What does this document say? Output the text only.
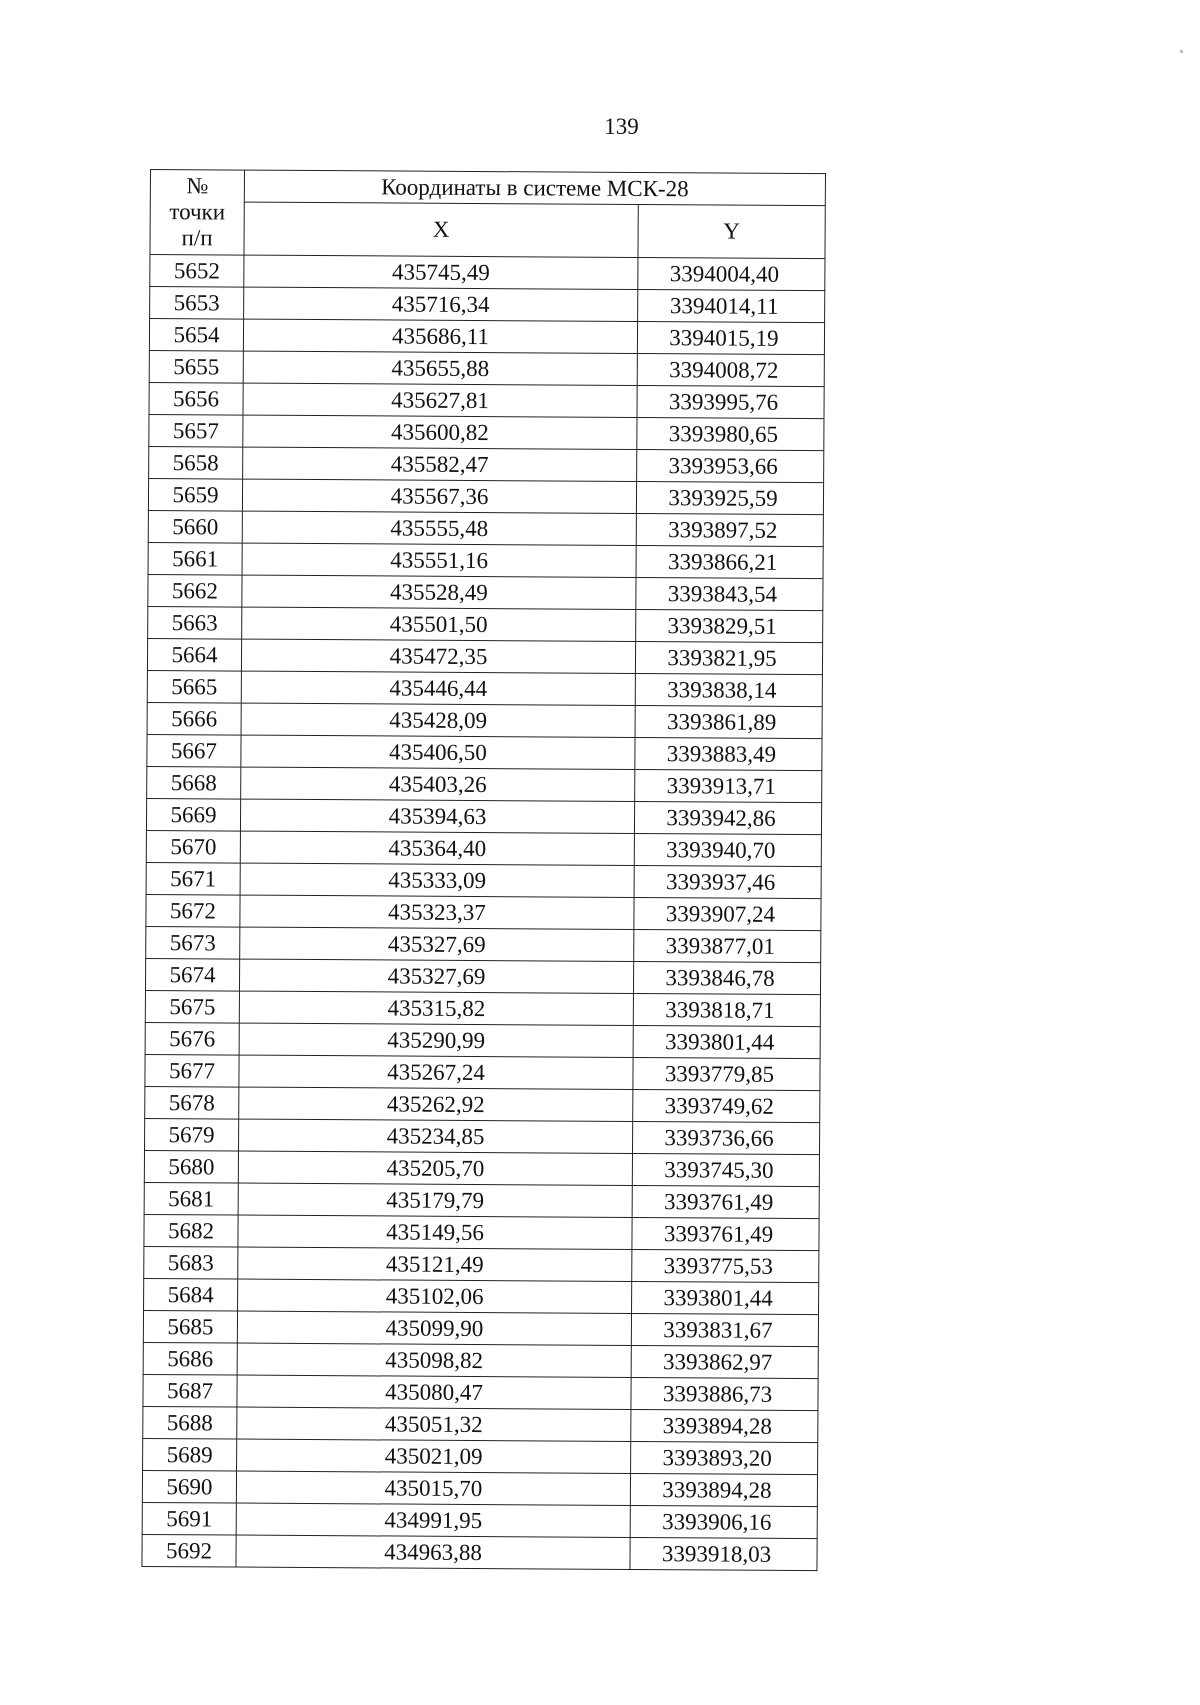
139
№
точки
п/п	Координаты в системе МСК-28	
	X	Y
5652	435745,49	3394004,40
5653	435716,34	3394014,11
5654	435686,11	3394015,19
5655	435655,88	3394008,72
5656	435627,81	3393995,76
5657	435600,82	3393980,65
5658	435582,47	3393953,66
5659	435567,36	3393925,59
5660	435555,48	3393897,52
5661	435551,16	3393866,21
5662	435528,49	3393843,54
5663	435501,50	3393829,51
5664	435472,35	3393821,95
5665	435446,44	3393838,14
5666	435428,09	3393861,89
5667	435406,50	3393883,49
5668	435403,26	3393913,71
5669	435394,63	3393942,86
5670	435364,40	3393940,70
5671	435333,09	3393937,46
5672	435323,37	3393907,24
5673	435327,69	3393877,01
5674	435327,69	3393846,78
5675	435315,82	3393818,71
5676	435290,99	3393801,44
5677	435267,24	3393779,85
5678	435262,92	3393749,62
5679	435234,85	3393736,66
5680	435205,70	3393745,30
5681	435179,79	3393761,49
5682	435149,56	3393761,49
5683	435121,49	3393775,53
5684	435102,06	3393801,44
5685	435099,90	3393831,67
5686	435098,82	3393862,97
5687	435080,47	3393886,73
5688	435051,32	3393894,28
5689	435021,09	3393893,20
5690	435015,70	3393894,28
5691	434991,95	3393906,16
5692	434963,88	3393918,03
